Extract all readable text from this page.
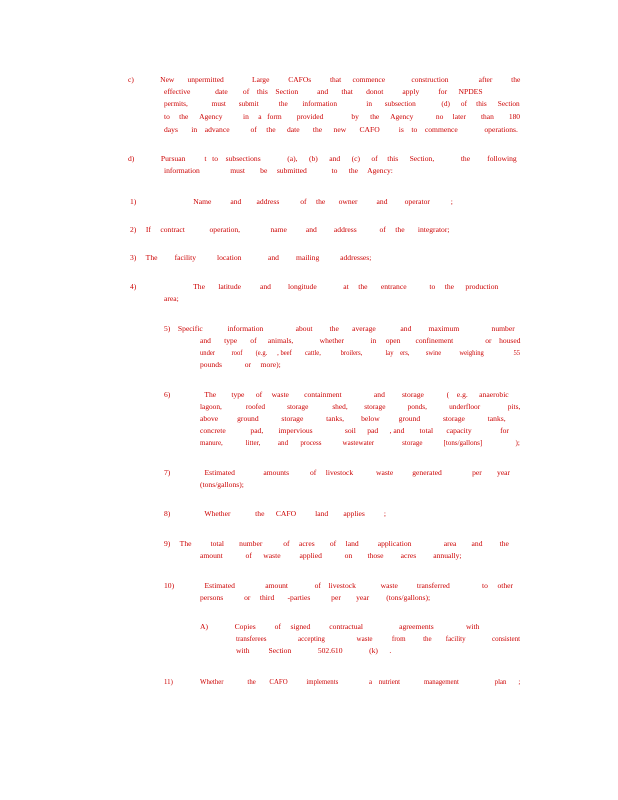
c)              New       unpermitted               Large          CAFOs          that      commence              construction                after          the
effective             date        of    this    Section          and       that       donot          apply          for      NPDES
permits,             must       submit           the        information                in       subsection              (d)      of     this      Section
to     the      Agency           in     a   form        provided               by      the      Agency            no     later        than        180
days       in    advance           of     the      date       the      new       CAFO          is    to    commence              operations.
d)              Pursuan          t   to    subsections              (a),      (b)      and      (c)      of     this      Section,              the         following
information                must        be     submitted             to      the     Agency:
1)                              Name          and        address           of     the       owner          and         operator           ;
2)     If     contract             operation,                name          and         address            of     the       integrator;
3)     The         facility           location              and         mailing           addresses;
4)                              The       latitude          and         longitude              at     the       entrance            to     the      production
area;
5)    Specific             information                 about         the       average             and         maximum                 number
and       type       of      animals,              whether              in     open        confinement                 or    housed
under          roof        (e.g.      , beef        cattle,            broilers,              lay    ers,          swine           weighing                  55
pounds            or     more);
6)                  The        type      of     waste        containment                 and         storage            (    e.g.      anaerobic
lagoon,             roofed            storage             shed,         storage            ponds,            underfloor               pits,
above          ground            storage            tanks,         below          ground            storage            tanks,
concrete             pad,        impervious                 soil      pad      , and        total       capacity               for
manure,             litter,          and       process            wastewater                storage            [tons/gallons]                   );
7)                  Estimated               amounts           of     livestock            waste          generated                per        year
(tons/gallons);
8)                  Whether             the      CAFO          land        applies          ;
9)     The          total        number           of     acres        of     land          application                 area        and         the
amount            of      waste          applied            on        those         acres         annually;
10)                Estimated                amount              of    livestock             waste          transferred                 to     other
persons           or     third       -parties           per        year         (tons/gallons);
A)              Copies          of     signed          contractual                   agreements                 with
transferees                  accepting                  waste           from          the        facility               consistent
with          Section              502.610              (k)      .
11)                Whether              the        CAFO           implements                  a    nutrient              management                     plan       ;
